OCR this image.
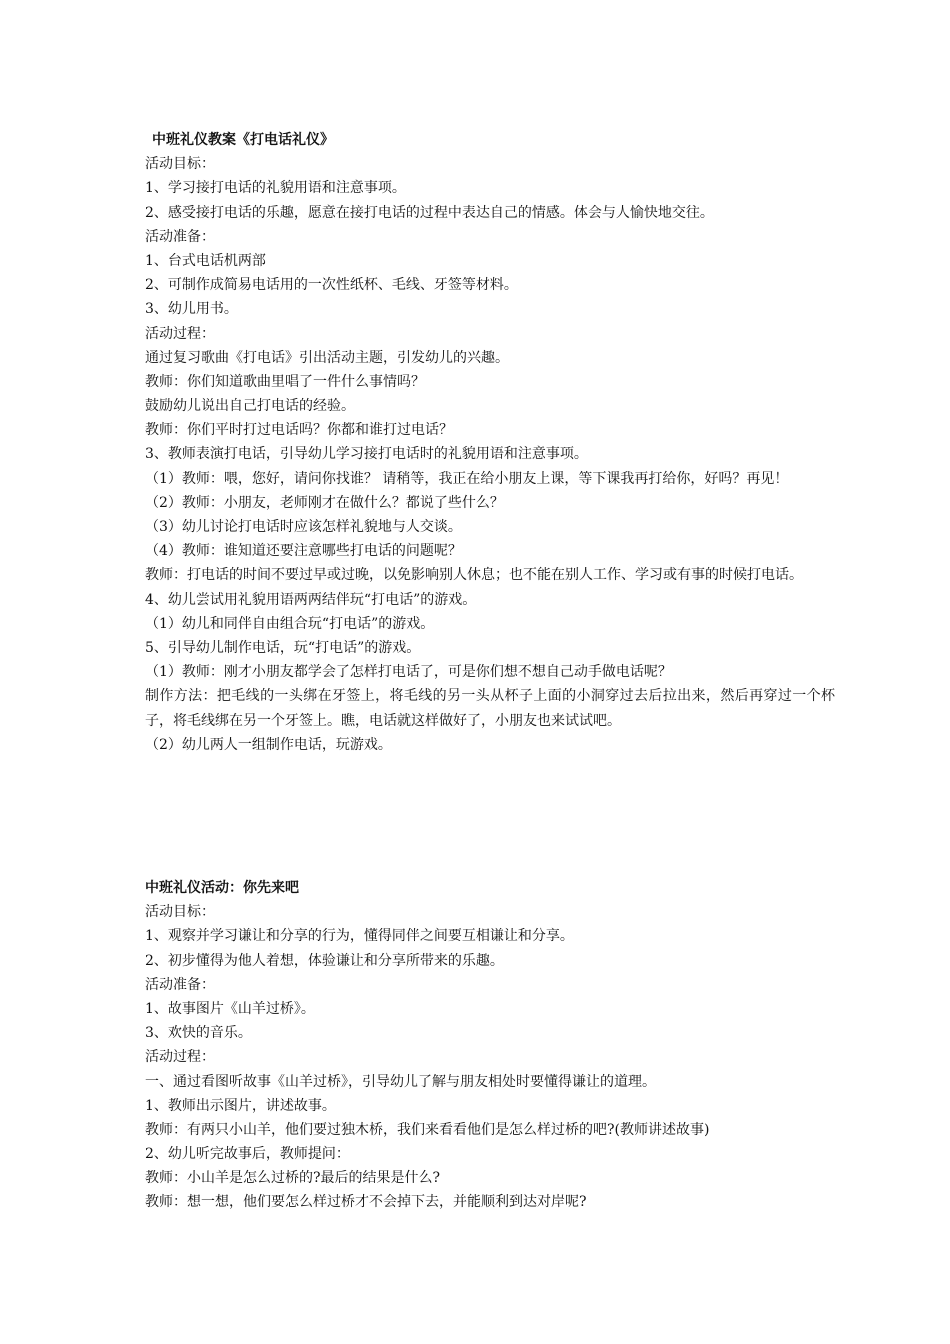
中班礼仪教案《打电话礼仪》
活动目标：
1、学习接打电话的礼貌用语和注意事项。
2、感受接打电话的乐趣，愿意在接打电话的过程中表达自己的情感。体会与人愉快地交往。
活动准备：
1、台式电话机两部
2、可制作成简易电话用的一次性纸杯、毛线、牙签等材料。
3、幼儿用书。
活动过程：
通过复习歌曲《打电话》引出活动主题，引发幼儿的兴趣。
教师：你们知道歌曲里唱了一件什么事情吗？
鼓励幼儿说出自己打电话的经验。
教师：你们平时打过电话吗？你都和谁打过电话？
3、教师表演打电话，引导幼儿学习接打电话时的礼貌用语和注意事项。
（1）教师：喂，您好，请问你找谁？ 请稍等，我正在给小朋友上课，等下课我再打给你，好吗？再见！
（2）教师：小朋友，老师刚才在做什么？都说了些什么？
（3）幼儿讨论打电话时应该怎样礼貌地与人交谈。
（4）教师：谁知道还要注意哪些打电话的问题呢？
教师：打电话的时间不要过早或过晚，以免影响别人休息；也不能在别人工作、学习或有事的时候打电话。
4、幼儿尝试用礼貌用语两两结伴玩“打电话”的游戏。
（1）幼儿和同伴自由组合玩“打电话”的游戏。
5、引导幼儿制作电话，玩“打电话”的游戏。
（1）教师：刚才小朋友都学会了怎样打电话了，可是你们想不想自己动手做电话呢？
制作方法：把毛线的一头绑在牙签上，将毛线的另一头从杯子上面的小洞穿过去后拉出来，然后再穿过一个杯子，将毛线绑在另一个牙签上。瞧，电话就这样做好了，小朋友也来试试吧。
（2）幼儿两人一组制作电话，玩游戏。
中班礼仪活动：你先来吧
活动目标：
1、观察并学习谦让和分享的行为，懂得同伴之间要互相谦让和分享。
2、初步懂得为他人着想，体验谦让和分享所带来的乐趣。
活动准备：
1、故事图片《山羊过桥》。
3、欢快的音乐。
活动过程：
一、通过看图听故事《山羊过桥》，引导幼儿了解与朋友相处时要懂得谦让的道理。
1、教师出示图片，讲述故事。
教师：有两只小山羊，他们要过独木桥，我们来看看他们是怎么样过桥的吧?(教师讲述故事)
2、幼儿听完故事后，教师提问：
教师：小山羊是怎么过桥的?最后的结果是什么?
教师：想一想，他们要怎么样过桥才不会掉下去，并能顺利到达对岸呢?
